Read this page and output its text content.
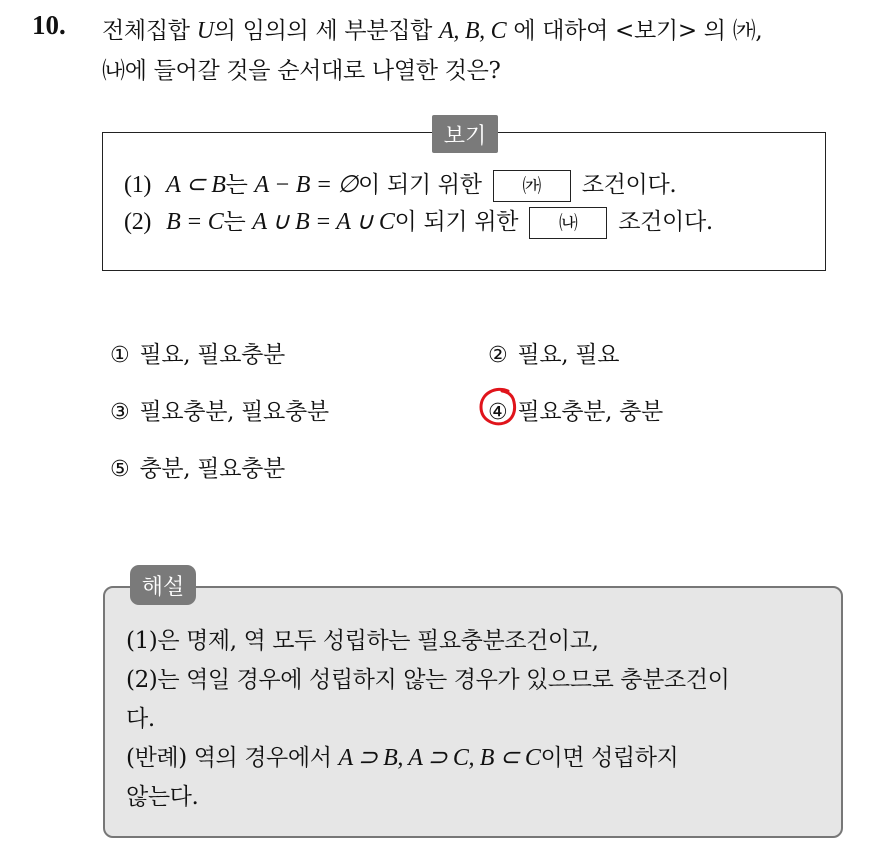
10. 전체집합 U의 임의의 세 부분집합 A, B, C 에 대하여 <보기> 의 ㈎,
㈏에 들어갈 것을 순서대로 나열한 것은?
보기
(1) A ⊂ B는 A − B = ∅이 되기 위한 ㈎ 조건이다.
(2) B = C는 A ∪ B = A ∪ C이 되기 위한 ㈏ 조건이다.
① 필요, 필요충분	② 필요, 필요
③ 필요충분, 필요충분	④ 필요충분, 충분
⑤ 충분, 필요충분
해설
(1)은 명제, 역 모두 성립하는 필요충분조건이고,
(2)는 역일 경우에 성립하지 않는 경우가 있으므로 충분조건이
다.
(반례) 역의 경우에서 A ⊃ B, A ⊃ C, B ⊂ C이면 성립하지
않는다.
